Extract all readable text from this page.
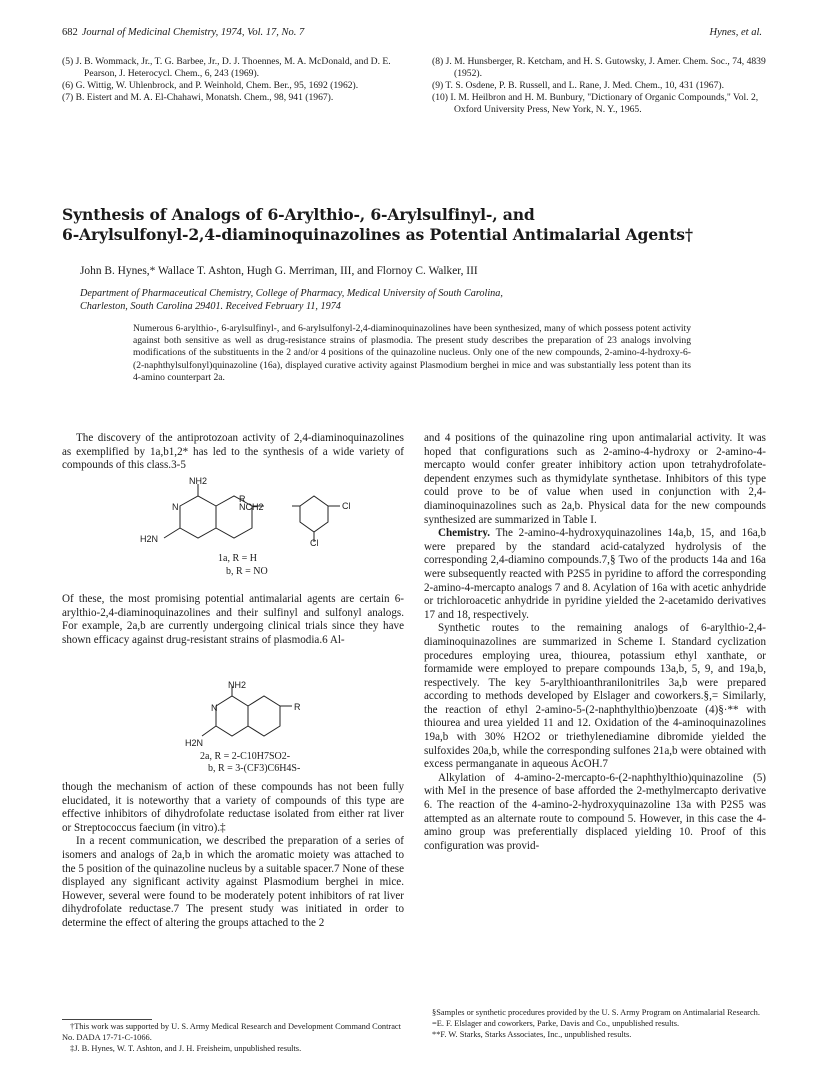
682 Journal of Medicinal Chemistry, 1974, Vol. 17, No. 7	Hynes, et al.
(5) J. B. Wommack, Jr., T. G. Barbee, Jr., D. J. Thoennes, M. A. McDonald, and D. E. Pearson, J. Heterocycl. Chem., 6, 243 (1969).
(6) G. Wittig, W. Uhlenbrock, and P. Weinhold, Chem. Ber., 95, 1692 (1962).
(7) B. Eistert and M. A. El-Chahawi, Monatsh. Chem., 98, 941 (1967).
(8) J. M. Hunsberger, R. Ketcham, and H. S. Gutowsky, J. Amer. Chem. Soc., 74, 4839 (1952).
(9) T. S. Osdene, P. B. Russell, and L. Rane, J. Med. Chem., 10, 431 (1967).
(10) I. M. Heilbron and H. M. Bunbury, "Dictionary of Organic Compounds," Vol. 2, Oxford University Press, New York, N. Y., 1965.
Synthesis of Analogs of 6-Arylthio-, 6-Arylsulfinyl-, and
6-Arylsulfonyl-2,4-diaminoquinazolines as Potential Antimalarial Agents†
John B. Hynes,* Wallace T. Ashton, Hugh G. Merriman, III, and Flornoy C. Walker, III
Department of Pharmaceutical Chemistry, College of Pharmacy, Medical University of South Carolina,
Charleston, South Carolina 29401. Received February 11, 1974
Numerous 6-arylthio-, 6-arylsulfinyl-, and 6-arylsulfonyl-2,4-diaminoquinazolines have been synthesized, many of which possess potent activity against both sensitive as well as drug-resistance strains of plasmodia. The present study describes the preparation of 23 analogs involving modifications of the substituents in the 2 and/or 4 positions of the quinazoline nucleus. Only one of the new compounds, 2-amino-4-hydroxy-6-(2-naphthylsulfonyl)quinazoline (16a), displayed curative activity against Plasmodium berghei in mice and was substantially less potent than its 4-amino counterpart 2a.

The discovery of the antiprotozoan activity of 2,4-diaminoquinazolines as exemplified by 1a,b1,2* has led to the synthesis of a wide variety of compounds of this class.3-5

NH2
R
NCH2
N
H2N
Cl
Cl
1a, R = H
b, R = NO

Of these, the most promising potential antimalarial agents are certain 6-arylthio-2,4-diaminoquinazolines and their sulfinyl and sulfonyl analogs. For example, 2a,b are currently undergoing clinical trials since they have shown efficacy against drug-resistant strains of plasmodia.6 Al-

NH2
R
N
H2N
2a, R = 2-C10H7SO2-
b, R = 3-(CF3)C6H4S-

though the mechanism of action of these compounds has not been fully elucidated, it is noteworthy that a variety of compounds of this type are effective inhibitors of dihydrofolate reductase isolated from either rat liver or Streptococcus faecium (in vitro).‡

In a recent communication, we described the preparation of a series of isomers and analogs of 2a,b in which the aromatic moiety was attached to the 5 position of the quinazoline nucleus by a suitable spacer.7 None of these displayed any significant activity against Plasmodium berghei in mice. However, several were found to be moderately potent inhibitors of rat liver dihydrofolate reductase.7 The present study was initiated in order to determine the effect of altering the groups attached to the 2

and 4 positions of the quinazoline ring upon antimalarial activity. It was hoped that configurations such as 2-amino-4-hydroxy or 2-amino-4-mercapto would confer greater inhibitory action upon tetrahydrofolate-dependent enzymes such as thymidylate synthetase. Inhibitors of this type could prove to be of value when used in conjunction with 2,4-diaminoquinazolines such as 2a,b. Physical data for the new compounds synthesized are summarized in Table I.

Chemistry. The 2-amino-4-hydroxyquinazolines 14a,b, 15, and 16a,b were prepared by the standard acid-catalyzed hydrolysis of the corresponding 2,4-diamino compounds.7,§ Two of the products 14a and 16a were subsequently reacted with P2S5 in pyridine to afford the corresponding 2-amino-4-mercapto analogs 7 and 8. Acylation of 16a with acetic anhydride or trichloroacetic anhydride in pyridine yielded the 2-acetamido derivatives 17 and 18, respectively.

Synthetic routes to the remaining analogs of 6-arylthio-2,4-diaminoquinazolines are summarized in Scheme I. Standard cyclization procedures employing urea, thiourea, potassium ethyl xanthate, or formamide were employed to prepare compounds 13a,b, 5, 9, and 19a,b, respectively. The key 5-arylthioanthranilonitriles 3a,b were prepared according to methods developed by Elslager and coworkers.§,= Similarly, the reaction of ethyl 2-amino-5-(2-naphthylthio)benzoate (4)§·** with thiourea and urea yielded 11 and 12. Oxidation of the 4-aminoquinazolines 19a,b with 30% H2O2 or triethylenediamine dibromide yielded the sulfoxides 20a,b, while the corresponding sulfones 21a,b were obtained with excess permanganate in aqueous AcOH.7

Alkylation of 4-amino-2-mercapto-6-(2-naphthylthio)quinazoline (5) with MeI in the presence of base afforded the 2-methylmercapto derivative 6. The reaction of the 4-amino-2-hydroxyquinazoline 13a with P2S5 was attempted as an alternate route to compound 5. However, in this case the 4-amino group was preferentially displaced yielding 10. Proof of this configuration was provid-

†This work was supported by U. S. Army Medical Research and Development Command Contract No. DADA 17-71-C-1066.
‡J. B. Hynes, W. T. Ashton, and J. H. Freisheim, unpublished results.
§Samples or synthetic procedures provided by the U. S. Army Program on Antimalarial Research.
=E. F. Elslager and coworkers, Parke, Davis and Co., unpublished results.
**F. W. Starks, Starks Associates, Inc., unpublished results.
